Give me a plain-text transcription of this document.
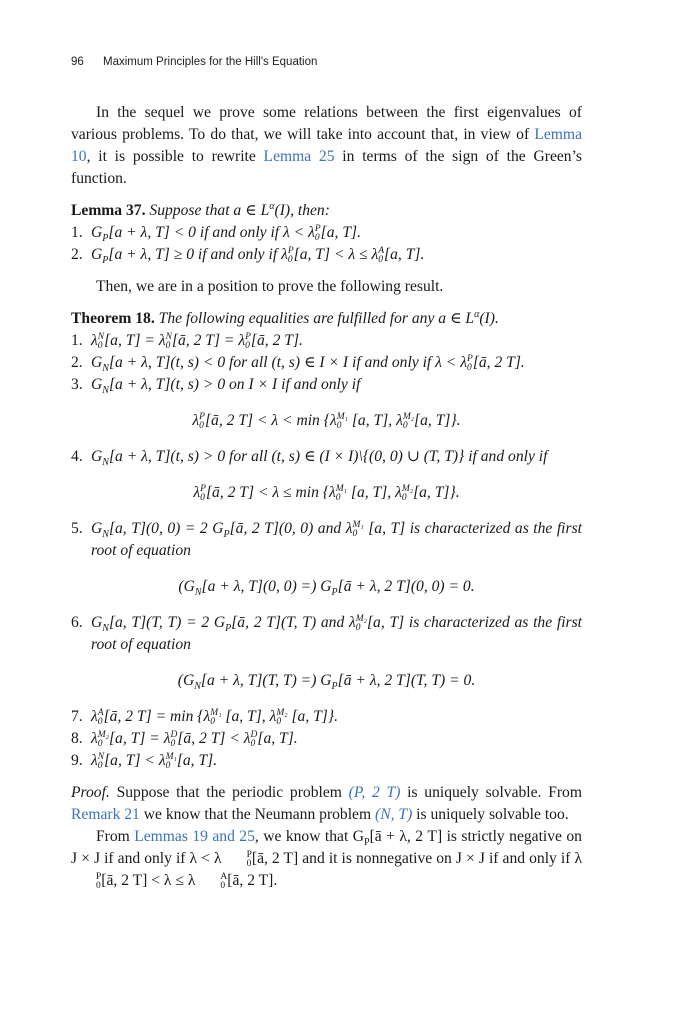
96 Maximum Principles for the Hill's Equation

In the sequel we prove some relations between the first eigenvalues of various problems. To do that, we will take into account that, in view of Lemma 10, it is possible to rewrite Lemma 25 in terms of the sign of the Green’s function.

Lemma 37. Suppose that a ∈ $L^\alpha(I)$, then:

1. $G_P[a + \lambda$, T] < 0 if and only if λ < λ P
0 [a, T].

2. $G_P[a + \lambda$, T] ≥ 0 if and only if λ P
0 [a, T] < λ ≤ λ A
0 [a, T].

Then, we are in a position to prove the following result.

Theorem 18. The following equalities are fulfilled for any a ∈ $L^\alpha(I)$.

1. λ N
0 [a, T] = λ N
0 [ā, 2 T] = λ P
0 [ā, 2 T].

2. $G_N[a + \lambda$, T](t, s) < 0 for all (t, s) ∈ I × I if and only if λ < λ P
0 [ā, 2 T].

3. $G_N[a + \lambda$, T](t, s) > 0 on I × I if and only if

λ P
0 [ā, 2 T] < λ < min {λ M₁
0 [a, T], λ M₂
0 [a, T]}.

4. $G_N[a + \lambda$, T](t, s) > 0 for all (t, s) ∈ (I × I)\{(0, 0) ∪ (T, T)} if and only if

λ P
0 [ā, 2 T] < λ ≤ min {λ M₁
0 [a, T], λ M₂
0 [a, T]}.

5. $G_N[a$, T](0, 0) = 2 $G_P[ā$, 2 T](0, 0) and λ M₁
0 [a, T] is characterized as the first root of equation

($G_N[a + \lambda$, T](0, 0) =) $G_P[ā + \lambda$, 2 T](0, 0) = 0.

6. $G_N[a$, T](T, T) = 2 $G_P[ā$, 2 T](T, T) and λ M₂
0 [a, T] is characterized as the first root of equation

($G_N[a + \lambda$, T](T, T) =) $G_P[ā + \lambda$, 2 T](T, T) = 0.

7. λ A
0 [ā, 2 T] = min {λ M₁
0 [a, T], λ M₂
0 [a, T]}.

8. λ M₂
0 [a, T] = λ D
0 [ā, 2 T] < λ D
0 [a, T].

9. λ N
0 [a, T] < λ M₁
0 [a, T].

Proof. Suppose that the periodic problem (P, 2 T) is uniquely solvable. From Remark 21 we know that the Neumann problem (N, T) is uniquely solvable too.

From Lemmas 19 and 25, we know that $G_P[ā + \lambda$, 2 T] is strictly negative on J × J if and only if λ < λ	P
0 [ā, 2 T] and it is nonnegative on J × J if and only if λ
P
0 [ā, 2 T] < λ ≤ λ	A
0 [ā, 2 T].
